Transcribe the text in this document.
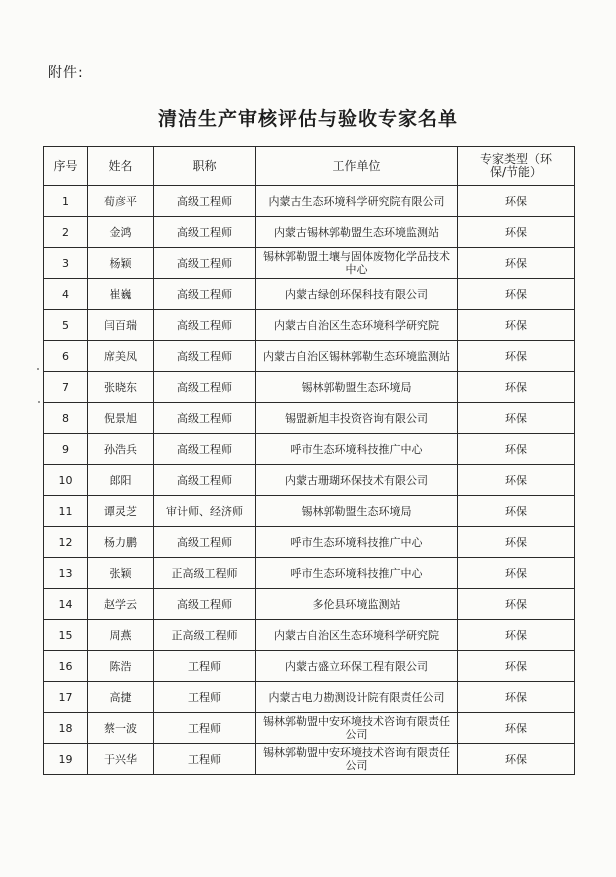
附件:
清洁生产审核评估与验收专家名单
序号	姓名	职称	工作单位	专家类型（环保/节能）
1	荀彦平	高级工程师	内蒙古生态环境科学研究院有限公司	环保
2	金鸿	高级工程师	内蒙古锡林郭勒盟生态环境监测站	环保
3	杨颖	高级工程师	锡林郭勒盟土壤与固体废物化学品技术中心	环保
4	崔巍	高级工程师	内蒙古绿创环保科技有限公司	环保
5	闫百瑞	高级工程师	内蒙古自治区生态环境科学研究院	环保
6	席美凤	高级工程师	内蒙古自治区锡林郭勒生态环境监测站	环保
7	张晓东	高级工程师	锡林郭勒盟生态环境局	环保
8	倪景旭	高级工程师	锡盟新旭丰投资咨询有限公司	环保
9	孙浩兵	高级工程师	呼市生态环境科技推广中心	环保
10	郎阳	高级工程师	内蒙古珊瑚环保技术有限公司	环保
11	谭灵芝	审计师、经济师	锡林郭勒盟生态环境局	环保
12	杨力鹏	高级工程师	呼市生态环境科技推广中心	环保
13	张颖	正高级工程师	呼市生态环境科技推广中心	环保
14	赵学云	高级工程师	多伦县环境监测站	环保
15	周燕	正高级工程师	内蒙古自治区生态环境科学研究院	环保
16	陈浩	工程师	内蒙古盛立环保工程有限公司	环保
17	高捷	工程师	内蒙古电力勘测设计院有限责任公司	环保
18	蔡一波	工程师	锡林郭勒盟中安环境技术咨询有限责任公司	环保
19	于兴华	工程师	锡林郭勒盟中安环境技术咨询有限责任公司	环保
